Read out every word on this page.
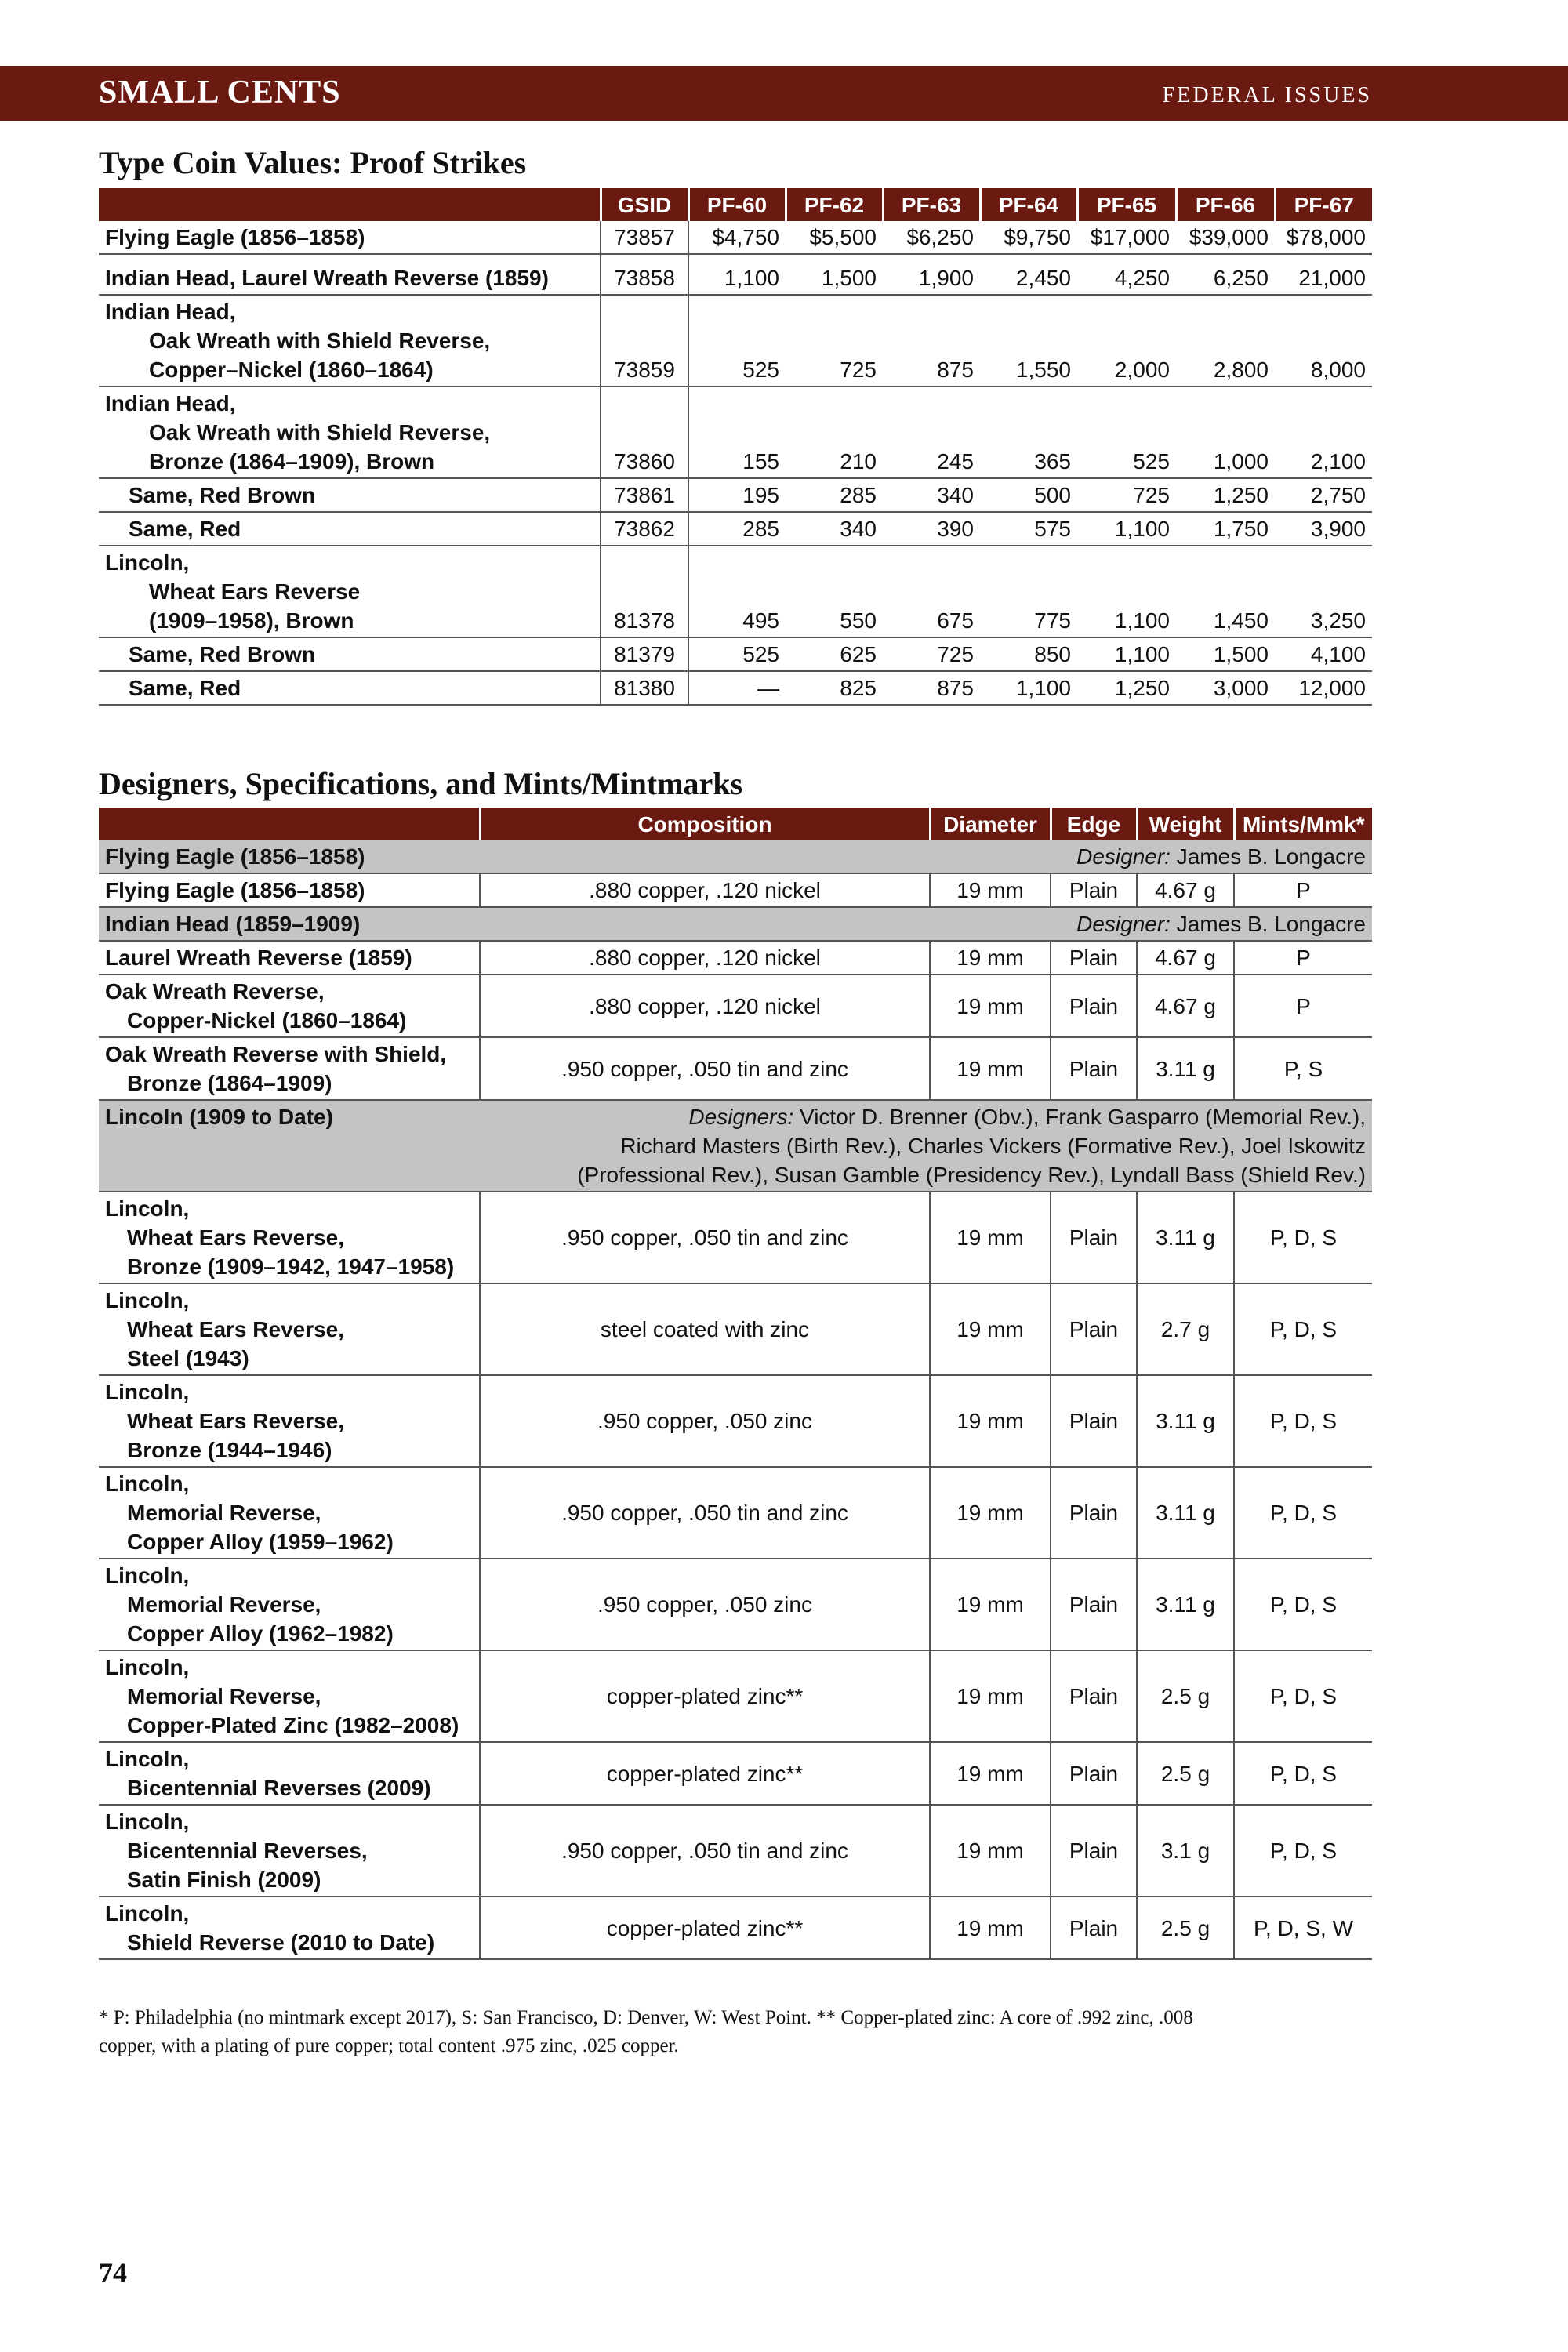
SMALL CENTS	FEDERAL ISSUES
Type Coin Values: Proof Strikes
	GSID	PF-60	PF-62	PF-63	PF-64	PF-65	PF-66	PF-67

Flying Eagle (1856–1858)	73857	$4,750	$5,500	$6,250	$9,750	$17,000	$39,000	$78,000

Indian Head, Laurel Wreath Reverse (1859)	73858	1,100	1,500	1,900	2,450	4,250	6,250	21,000

Indian Head,
Oak Wreath with Shield Reverse,
Copper–Nickel (1860–1864)	73859	525	725	875	1,550	2,000	2,800	8,000

Indian Head,
Oak Wreath with Shield Reverse,
Bronze (1864–1909), Brown	73860	155	210	245	365	525	1,000	2,100

Same, Red Brown	73861	195	285	340	500	725	1,250	2,750

Same, Red	73862	285	340	390	575	1,100	1,750	3,900

Lincoln,
Wheat Ears Reverse
(1909–1958), Brown	81378	495	550	675	775	1,100	1,450	3,250

Same, Red Brown	81379	525	625	725	850	1,100	1,500	4,100

Same, Red	81380	—	825	875	1,100	1,250	3,000	12,000
Designers, Specifications, and Mints/Mintmarks
	Composition	Diameter	Edge	Weight	Mints/Mmk*
Flying Eagle (1856–1858)	Designer: James B. Longacre				

Flying Eagle (1856–1858)	.880 copper, .120 nickel	19 mm	Plain	4.67 g	P
Indian Head (1859–1909)	Designer: James B. Longacre				

Laurel Wreath Reverse (1859)	.880 copper, .120 nickel	19 mm	Plain	4.67 g	P

Oak Wreath Reverse,
Copper-Nickel (1860–1864)	.880 copper, .120 nickel	19 mm	Plain	4.67 g	P

Oak Wreath Reverse with Shield,
Bronze (1864–1909)	.950 copper, .050 tin and zinc	19 mm	Plain	3.11 g	P, S
Lincoln (1909 to Date)	Designers: Victor D. Brenner (Obv.), Frank Gasparro (Memorial Rev.),
Richard Masters (Birth Rev.), Charles Vickers (Formative Rev.), Joel Iskowitz
(Professional Rev.), Susan Gamble (Presidency Rev.), Lyndall Bass (Shield Rev.)				

Lincoln,
Wheat Ears Reverse,
Bronze (1909–1942, 1947–1958)	.950 copper, .050 tin and zinc	19 mm	Plain	3.11 g	P, D, S

Lincoln,
Wheat Ears Reverse,
Steel (1943)	steel coated with zinc	19 mm	Plain	2.7 g	P, D, S

Lincoln,
Wheat Ears Reverse,
Bronze (1944–1946)	.950 copper, .050 zinc	19 mm	Plain	3.11 g	P, D, S

Lincoln,
Memorial Reverse,
Copper Alloy (1959–1962)	.950 copper, .050 tin and zinc	19 mm	Plain	3.11 g	P, D, S

Lincoln,
Memorial Reverse,
Copper Alloy (1962–1982)	.950 copper, .050 zinc	19 mm	Plain	3.11 g	P, D, S

Lincoln,
Memorial Reverse,
Copper-Plated Zinc (1982–2008)	copper-plated zinc**	19 mm	Plain	2.5 g	P, D, S

Lincoln,
Bicentennial Reverses (2009)	copper-plated zinc**	19 mm	Plain	2.5 g	P, D, S

Lincoln,
Bicentennial Reverses,
Satin Finish (2009)	.950 copper, .050 tin and zinc	19 mm	Plain	3.1 g	P, D, S

Lincoln,
Shield Reverse (2010 to Date)	copper-plated zinc**	19 mm	Plain	2.5 g	P, D, S, W
* P: Philadelphia (no mintmark except 2017), S: San Francisco, D: Denver, W: West Point. ** Copper-plated zinc: A core of .992 zinc, .008
copper, with a plating of pure copper; total content .975 zinc, .025 copper.
74
